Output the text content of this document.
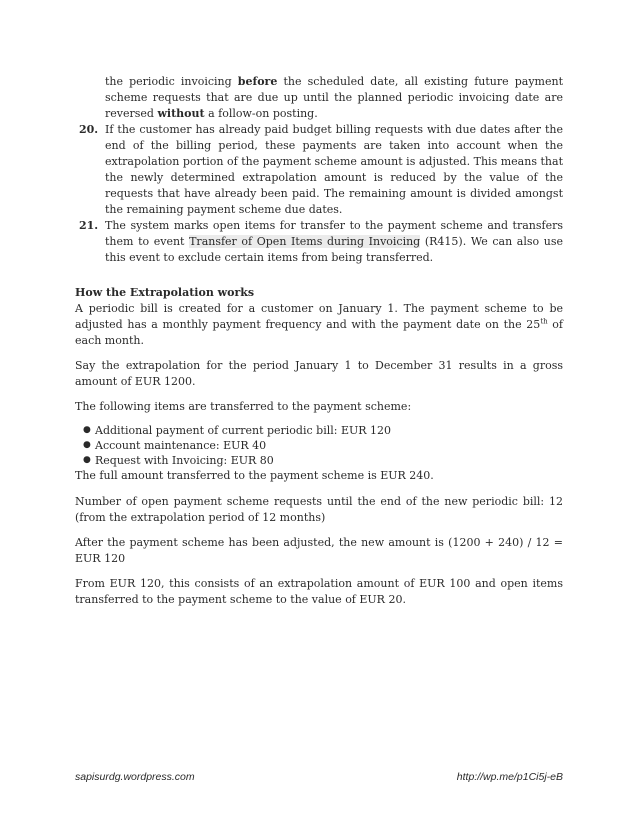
the periodic invoicing before the scheduled date, all existing future payment scheme requests that are due up until the planned periodic invoicing date are reversed without a follow-on posting.

20. If the customer has already paid budget billing requests with due dates after the end of the billing period, these payments are taken into account when the extrapolation portion of the payment scheme amount is adjusted. This means that the newly determined extrapolation amount is reduced by the value of the requests that have already been paid. The remaining amount is divided amongst the remaining payment scheme due dates.
21. The system marks open items for transfer to the payment scheme and transfers them to event Transfer of Open Items during Invoicing (R415). We can also use this event to exclude certain items from being transferred.
How the Extrapolation works

A periodic bill is created for a customer on January 1. The payment scheme to be adjusted has a monthly payment frequency and with the payment date on the 25th of each month.

Say the extrapolation for the period January 1 to December 31 results in a gross amount of EUR 1200.

The following items are transferred to the payment scheme:

● Additional payment of current periodic bill: EUR 120
● Account maintenance: EUR 40
● Request with Invoicing: EUR 80

The full amount transferred to the payment scheme is EUR 240.

Number of open payment scheme requests until the end of the new periodic bill: 12 (from the extrapolation period of 12 months)

After the payment scheme has been adjusted, the new amount is (1200 + 240) / 12 = EUR 120

From EUR 120, this consists of an extrapolation amount of EUR 100 and open items transferred to the payment scheme to the value of EUR 20.

sapisurdg.wordpress.com	http://wp.me/p1Ci5j-eB
